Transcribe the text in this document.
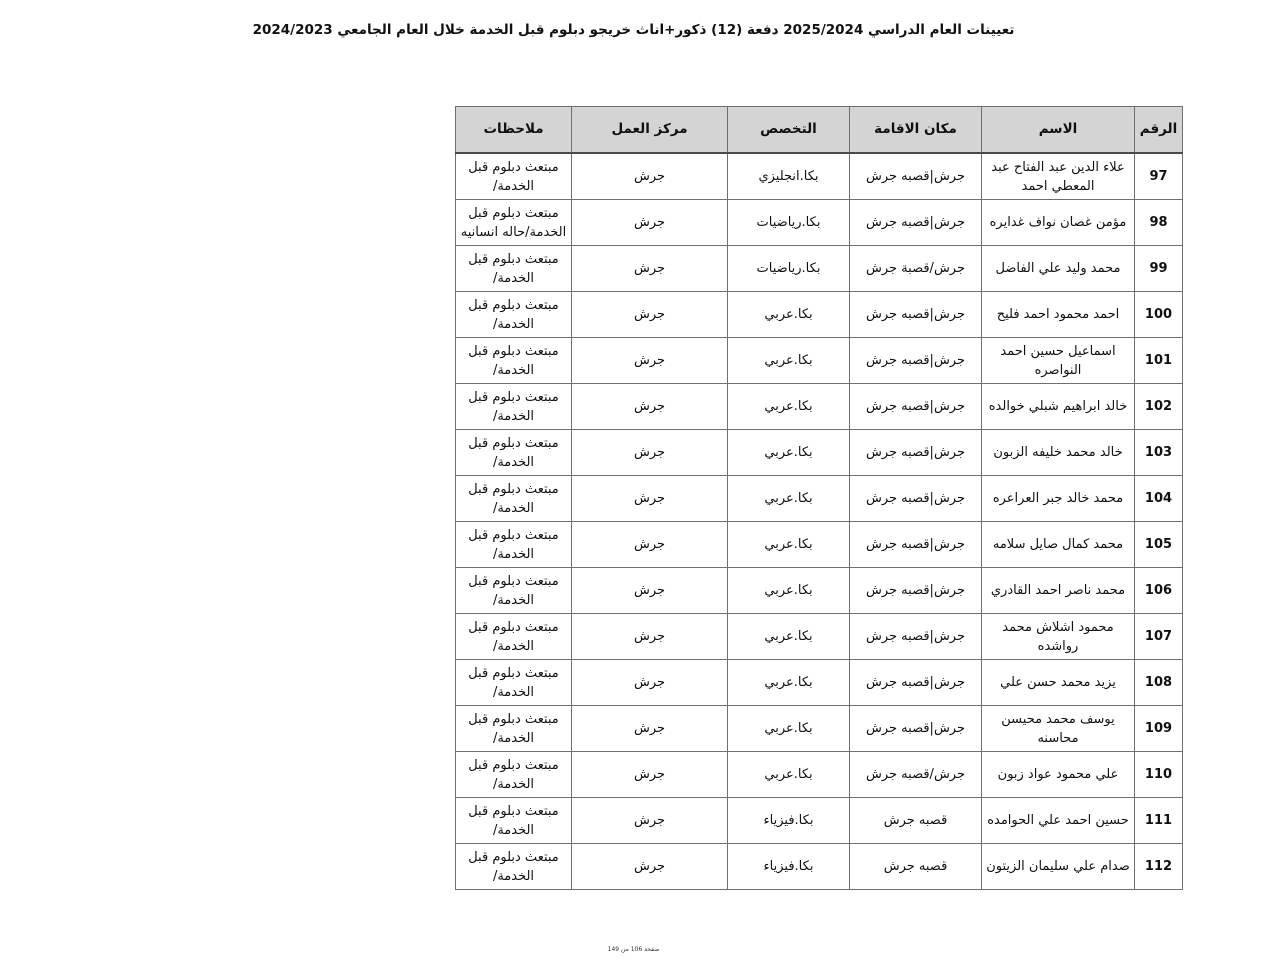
تعيينات العام الدراسي 2025/2024 دفعة (12) ذكور+اناث خريجو دبلوم قبل الخدمة خلال العام الجامعي 2024/2023
الرقم	الاسم	مكان الاقامة	التخصص	مركز العمل	ملاحظات
97	علاء الدين عبد الفتاح عبد المعطي احمد	جرش|قصبه جرش	بكا.انجليزي	جرش	مبتعث دبلوم قبل الخدمة/
98	مؤمن غصان نواف غدايره	جرش|قصبه جرش	بكا.رياضيات	جرش	مبتعث دبلوم قبل الخدمة/حاله انسانيه
99	محمد وليد علي الفاضل	جرش/قصبة جرش	بكا.رياضيات	جرش	مبتعث دبلوم قبل الخدمة/
100	احمد محمود احمد فليح	جرش|قصبه جرش	بكا.عربي	جرش	مبتعث دبلوم قبل الخدمة/
101	اسماعيل حسين احمد النواصره	جرش|قصبه جرش	بكا.عربي	جرش	مبتعث دبلوم قبل الخدمة/
102	خالد ابراهيم شبلي خوالده	جرش|قصبه جرش	بكا.عربي	جرش	مبتعث دبلوم قبل الخدمة/
103	خالد محمد خليفه الزبون	جرش|قصبه جرش	بكا.عربي	جرش	مبتعث دبلوم قبل الخدمة/
104	محمد خالد جبر العراعره	جرش|قصبه جرش	بكا.عربي	جرش	مبتعث دبلوم قبل الخدمة/
105	محمد كمال صايل سلامه	جرش|قصبه جرش	بكا.عربي	جرش	مبتعث دبلوم قبل الخدمة/
106	محمد ناصر احمد القادري	جرش|قصبه جرش	بكا.عربي	جرش	مبتعث دبلوم قبل الخدمة/
107	محمود اشلاش محمد رواشده	جرش|قصبه جرش	بكا.عربي	جرش	مبتعث دبلوم قبل الخدمة/
108	يزيد محمد حسن علي	جرش|قصبه جرش	بكا.عربي	جرش	مبتعث دبلوم قبل الخدمة/
109	يوسف محمد محيسن محاسنه	جرش|قصبه جرش	بكا.عربي	جرش	مبتعث دبلوم قبل الخدمة/
110	علي محمود عواد زبون	جرش/قصبه جرش	بكا.عربي	جرش	مبتعث دبلوم قبل الخدمة/
111	حسين احمد علي الحوامده	قصبه جرش	بكا.فيزياء	جرش	مبتعث دبلوم قبل الخدمة/
112	صدام علي سليمان الزيتون	قصبه جرش	بكا.فيزياء	جرش	مبتعث دبلوم قبل الخدمة/
صفحة 106 من 149
